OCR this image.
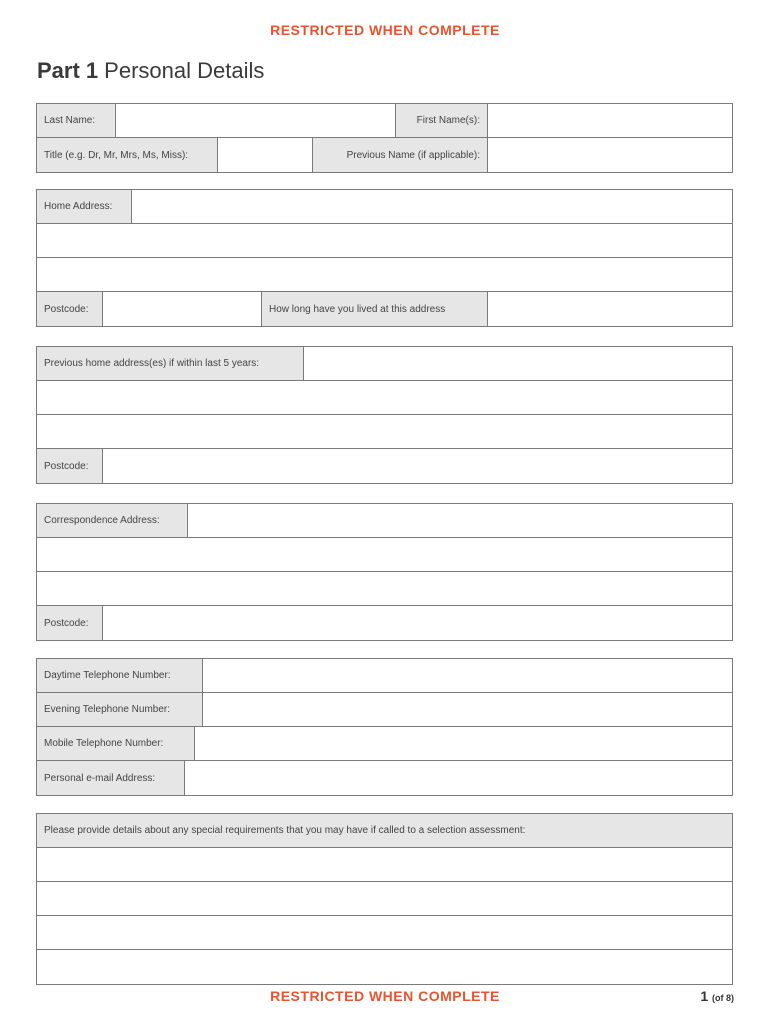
RESTRICTED WHEN COMPLETE
Part 1 Personal Details
Last Name:	First Name(s):
Title (e.g. Dr, Mr, Mrs, Ms, Miss):	Previous Name (if applicable):
Home Address:
Postcode:	How long have you lived at this address
Previous home address(es) if within last 5 years:
Postcode:
Correspondence Address:
Postcode:
Daytime Telephone Number:
Evening Telephone Number:
Mobile Telephone Number:
Personal e-mail Address:
Please provide details about any special requirements that you may have if called to a selection assessment:
RESTRICTED WHEN COMPLETE	1 (of 8)
